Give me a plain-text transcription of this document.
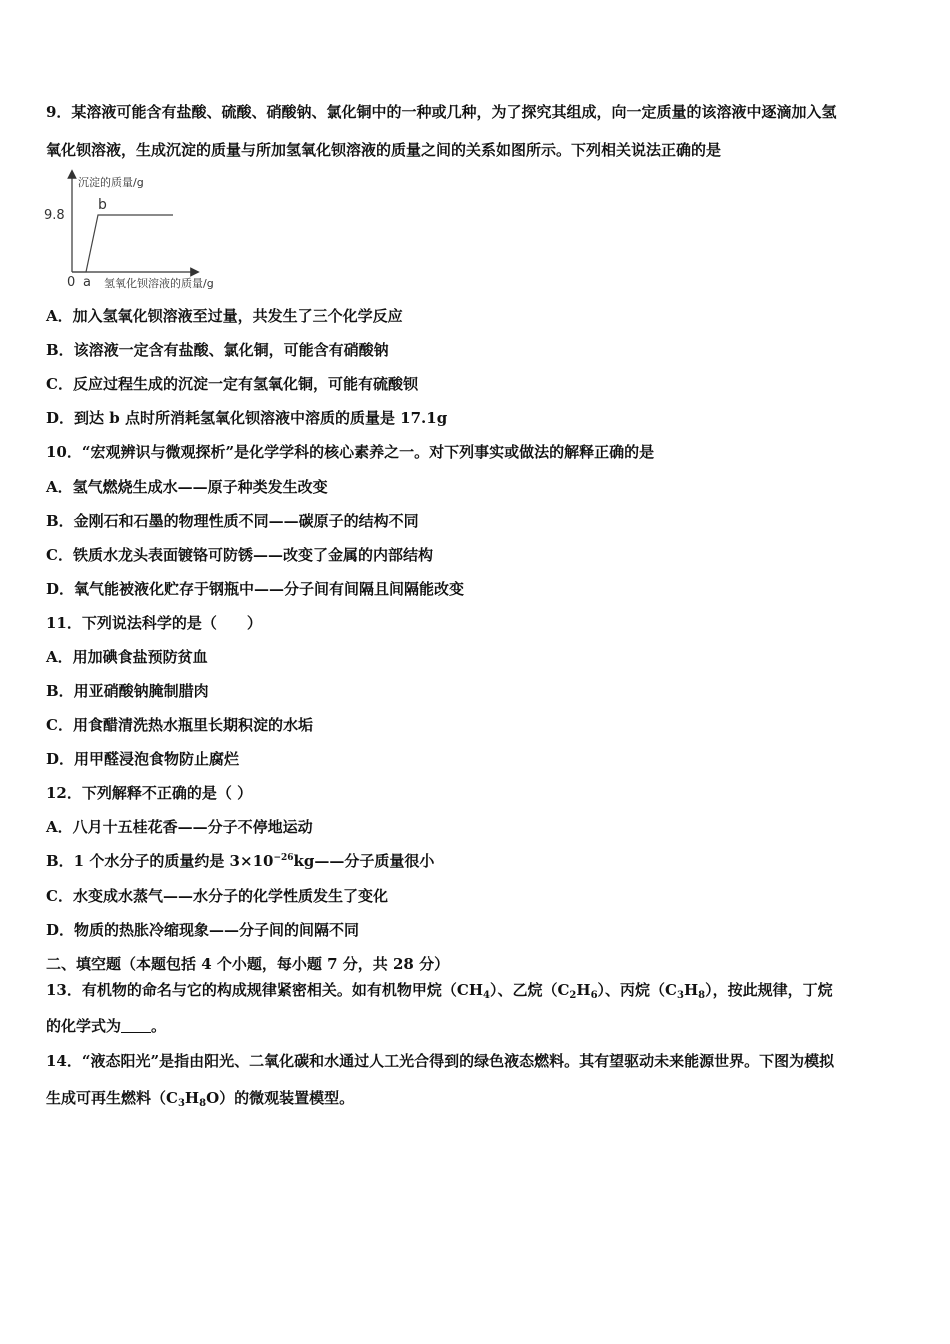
9．某溶液可能含有盐酸、硫酸、硝酸钠、氯化铜中的一种或几种，为了探究其组成，向一定质量的该溶液中逐滴加入氢
氧化钡溶液，生成沉淀的质量与所加氢氧化钡溶液的质量之间的关系如图所示。下列相关说法正确的是
沉淀的质量/g
9.8
b
0 a 氢氧化钡溶液的质量/g
A．加入氢氧化钡溶液至过量，共发生了三个化学反应
B．该溶液一定含有盐酸、氯化铜，可能含有硝酸钠
C．反应过程生成的沉淀一定有氢氧化铜，可能有硫酸钡
D．到达 b 点时所消耗氢氧化钡溶液中溶质的质量是 17.1g
10．“宏观辨识与微观探析”是化学学科的核心素养之一。对下列事实或做法的解释正确的是
A．氢气燃烧生成水——原子种类发生改变
B．金刚石和石墨的物理性质不同——碳原子的结构不同
C．铁质水龙头表面镀铬可防锈——改变了金属的内部结构
D．氧气能被液化贮存于钢瓶中——分子间有间隔且间隔能改变
11．下列说法科学的是（　　）
A．用加碘食盐预防贫血
B．用亚硝酸钠腌制腊肉
C．用食醋清洗热水瓶里长期积淀的水垢
D．用甲醛浸泡食物防止腐烂
12．下列解释不正确的是（ ）
A．八月十五桂花香——分子不停地运动
B．1 个水分子的质量约是 $3\times 10^{-26}kg——$分子质量很小
C．水变成水蒸气——水分子的化学性质发生了变化
D．物质的热胀冷缩现象——分子间的间隔不同
二、填空题（本题包括 4 个小题，每小题 7 分，共 28 分）
13．有机物的命名与它的构成规律紧密相关。如有机物甲烷$(CH_4)$、乙烷$(C_2H_6)$、丙烷$(C_3H_8)$，按此规律，丁烷
的化学式为 。
14．“液态阳光”是指由阳光、二氧化碳和水通过人工光合得到的绿色液态燃料。其有望驱动未来能源世界。下图为模拟
生成可再生燃料$(C_3H_8O)$的微观装置模型。
